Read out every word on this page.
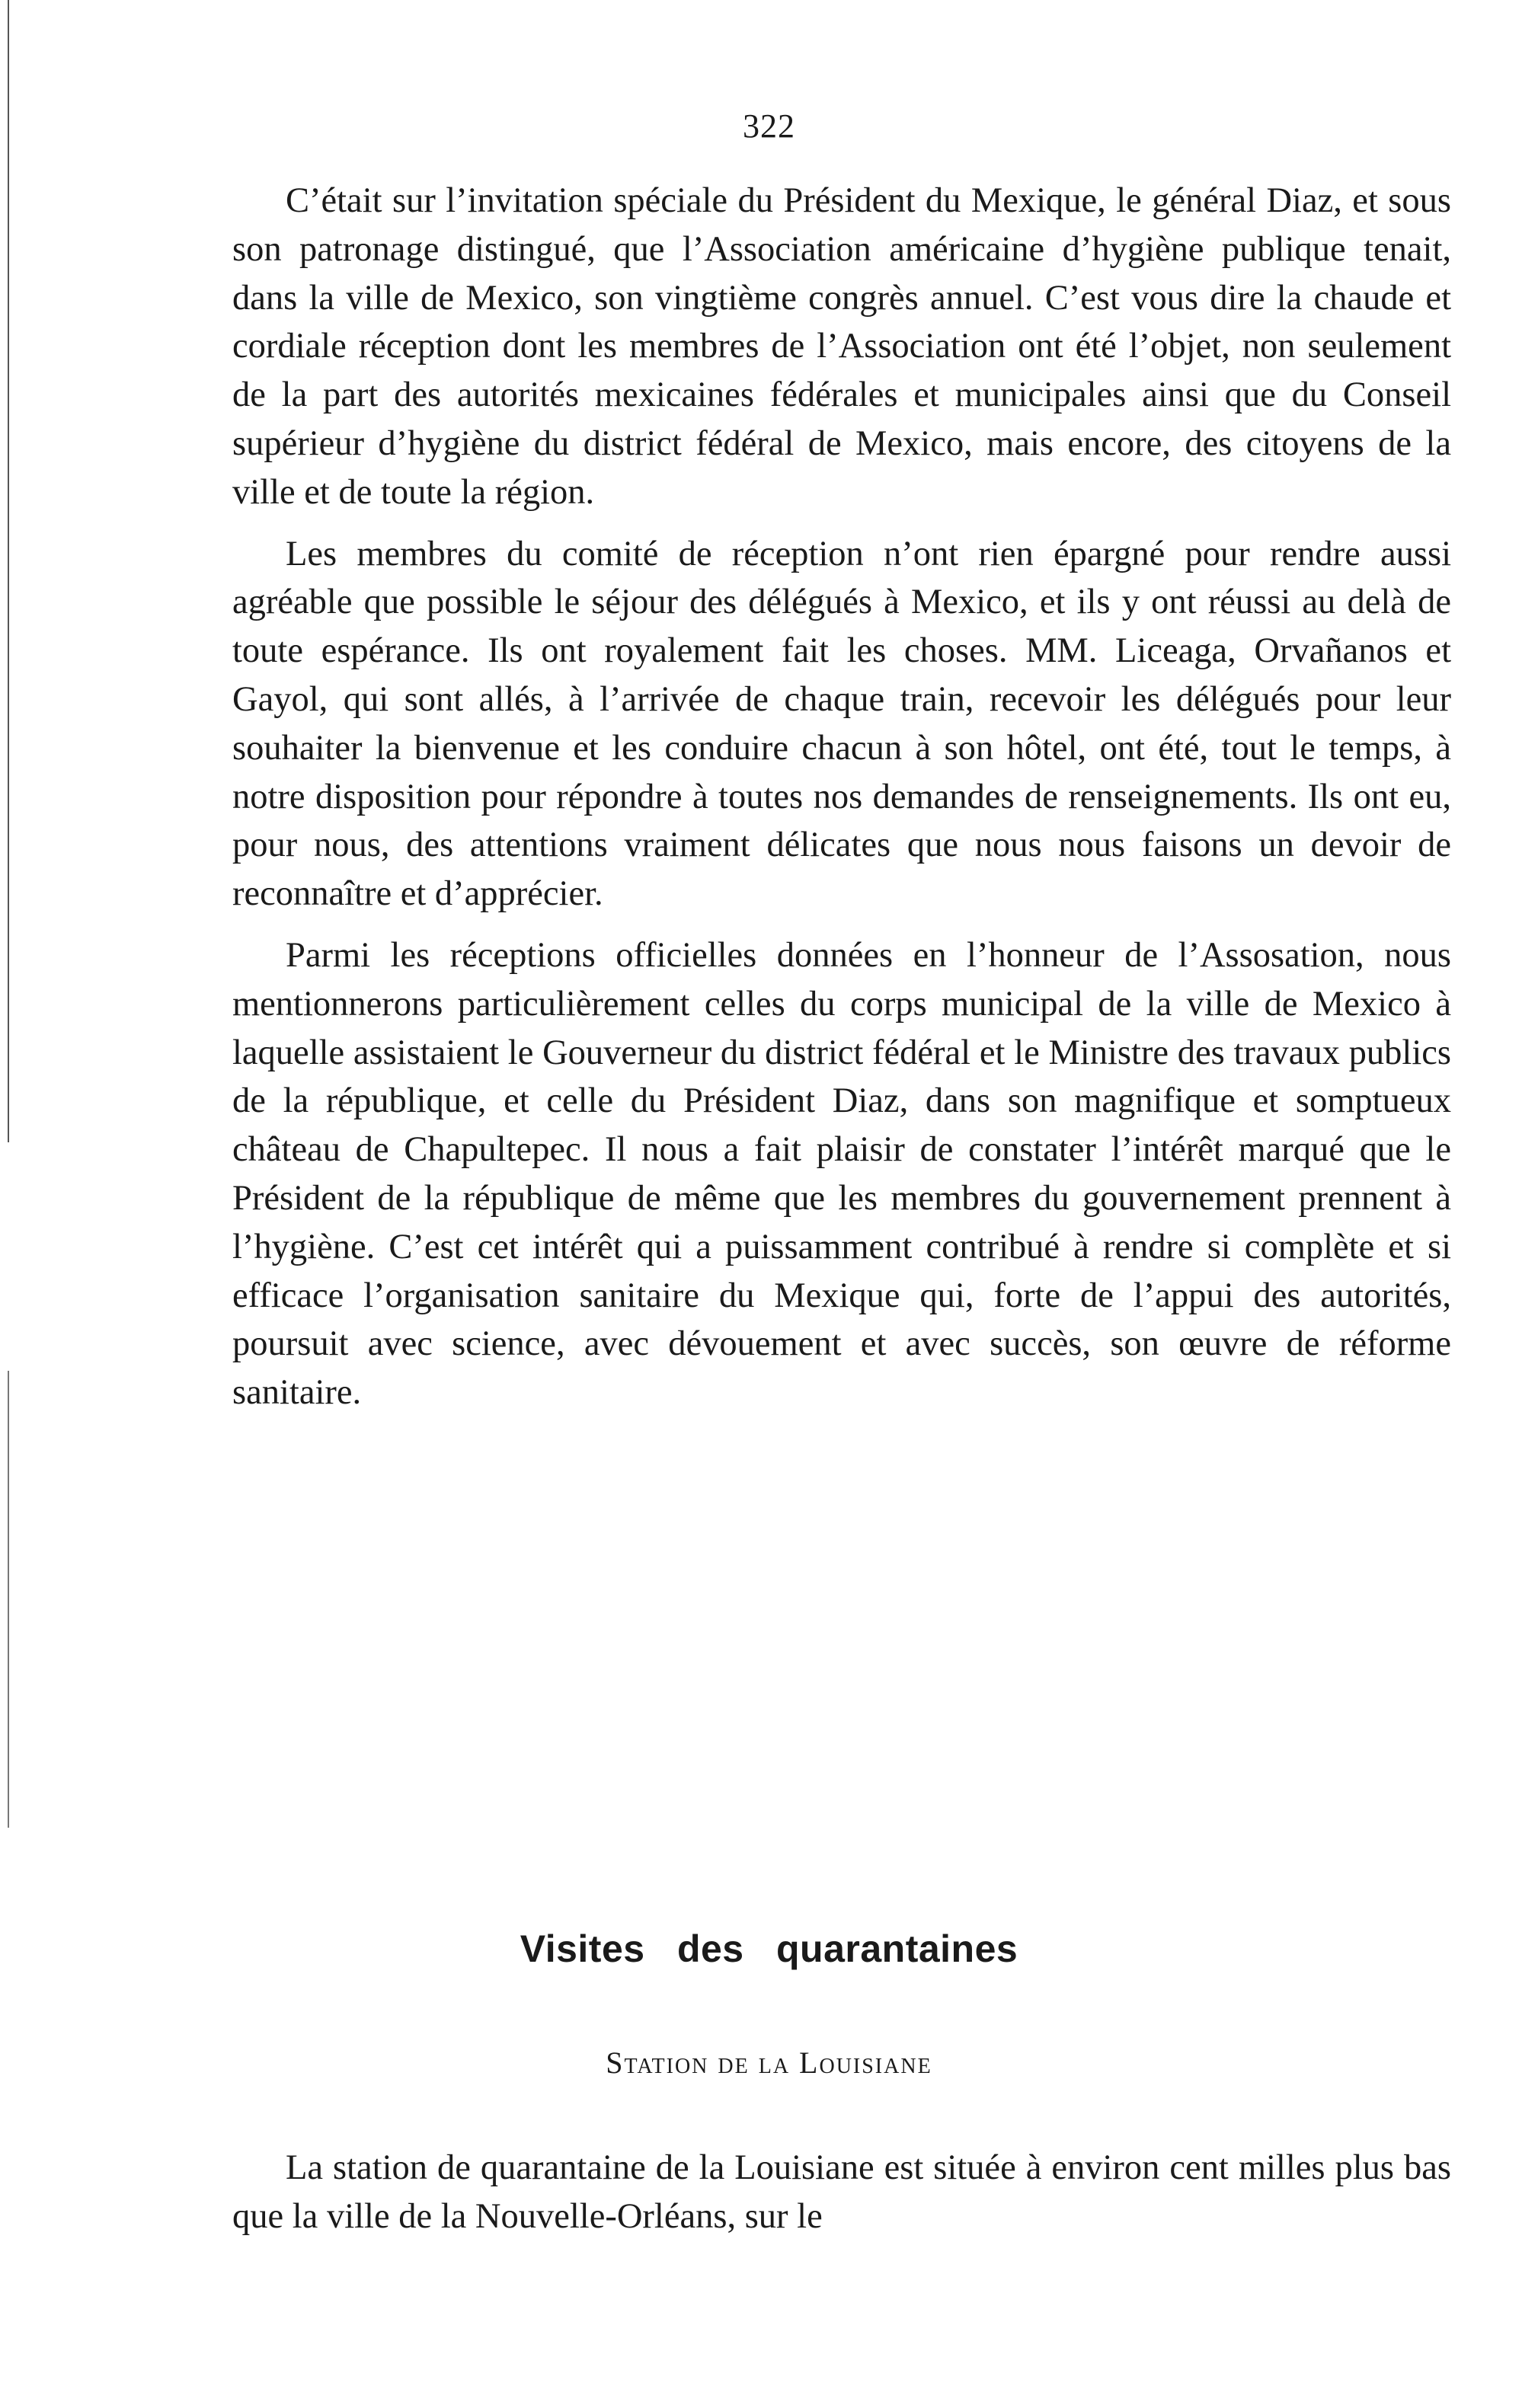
322

C’était sur l’invitation spéciale du Président du Mexique, le général Diaz, et sous son patronage distingué, que l’Association américaine d’hygiène publique tenait, dans la ville de Mexico, son vingtième congrès annuel. C’est vous dire la chaude et cordiale réception dont les membres de l’Association ont été l’objet, non seulement de la part des autorités mexicaines fédérales et municipales ainsi que du Conseil supérieur d’hygiène du district fédéral de Mexico, mais encore, des citoyens de la ville et de toute la région.

Les membres du comité de réception n’ont rien épargné pour rendre aussi agréable que possible le séjour des délégués à Mexico, et ils y ont réussi au delà de toute espérance. Ils ont royalement fait les choses. MM. Liceaga, Orvañanos et Gayol, qui sont allés, à l’arrivée de chaque train, recevoir les délégués pour leur souhaiter la bienvenue et les conduire chacun à son hôtel, ont été, tout le temps, à notre disposition pour répondre à toutes nos demandes de renseignements. Ils ont eu, pour nous, des attentions vraiment délicates que nous nous faisons un devoir de reconnaître et d’apprécier.

Parmi les réceptions officielles données en l’honneur de l’Assosation, nous mentionnerons particulièrement celles du corps municipal de la ville de Mexico à laquelle assistaient le Gouverneur du district fédéral et le Ministre des travaux publics de la république, et celle du Président Diaz, dans son magnifique et somptueux château de Chapultepec. Il nous a fait plaisir de constater l’intérêt marqué que le Président de la république de même que les membres du gouvernement prennent à l’hygiène. C’est cet intérêt qui a puissamment contribué à rendre si complète et si efficace l’organisation sanitaire du Mexique qui, forte de l’appui des autorités, poursuit avec science, avec dévouement et avec succès, son œuvre de réforme sanitaire.

Visites des quarantaines
Station de la Louisiane

La station de quarantaine de la Louisiane est située à environ cent milles plus bas que la ville de la Nouvelle-Orléans, sur le
